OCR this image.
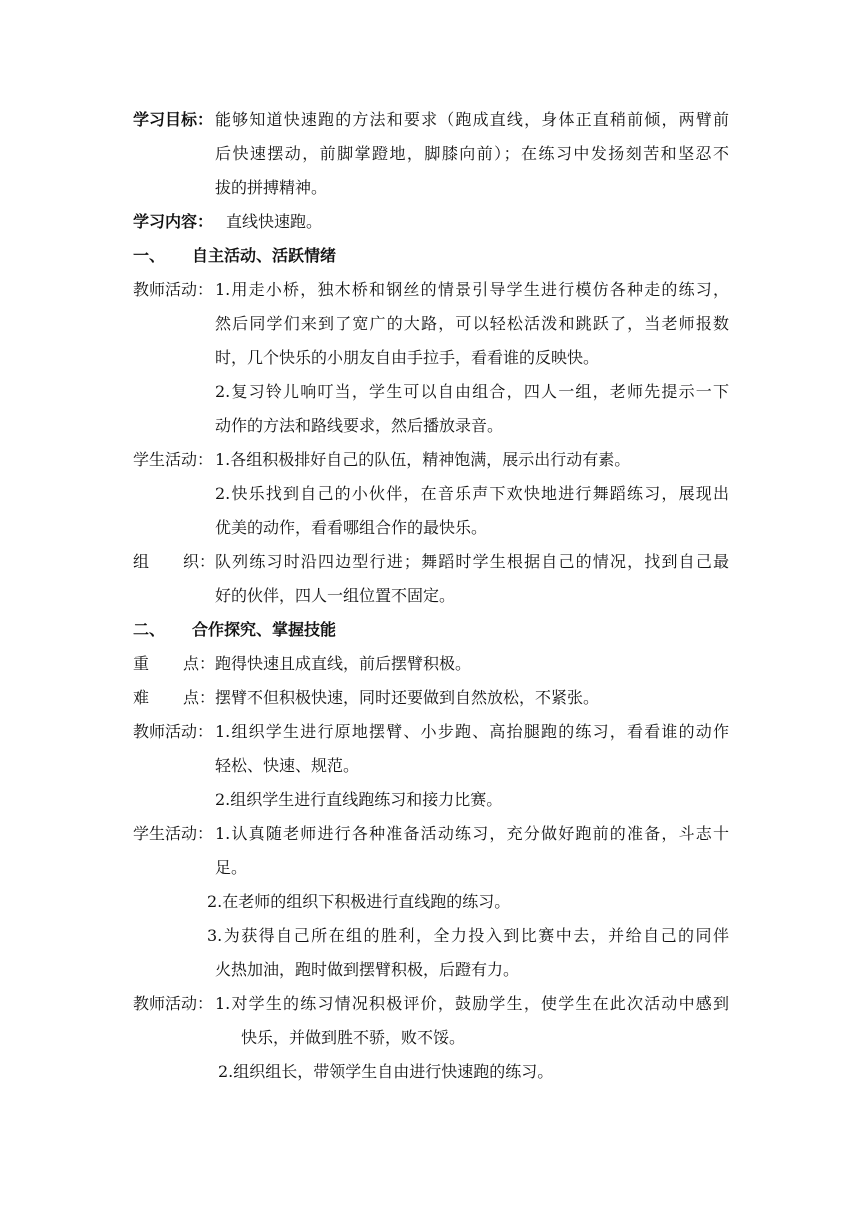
学习目标： 能够知道快速跑的方法和要求（跑成直线，身体正直稍前倾，两臂前
后快速摆动，前脚掌蹬地，脚膝向前）；在练习中发扬刻苦和坚忍不
拔的拼搏精神。
学习内容： 直线快速跑。
一、 自主活动、活跃情绪
教师活动： 1.用走小桥，独木桥和钢丝的情景引导学生进行模仿各种走的练习，
然后同学们来到了宽广的大路，可以轻松活泼和跳跃了，当老师报数
时，几个快乐的小朋友自由手拉手，看看谁的反映快。
2.复习铃儿响叮当，学生可以自由组合，四人一组，老师先提示一下
动作的方法和路线要求，然后播放录音。
学生活动： 1.各组积极排好自己的队伍，精神饱满，展示出行动有素。
2.快乐找到自己的小伙伴，在音乐声下欢快地进行舞蹈练习，展现出
优美的动作，看看哪组合作的最快乐。
组 织： 队列练习时沿四边型行进；舞蹈时学生根据自己的情况，找到自己最
好的伙伴，四人一组位置不固定。
二、 合作探究、掌握技能
重 点： 跑得快速且成直线，前后摆臂积极。
难 点： 摆臂不但积极快速，同时还要做到自然放松，不紧张。
教师活动： 1.组织学生进行原地摆臂、小步跑、高抬腿跑的练习，看看谁的动作
轻松、快速、规范。
2.组织学生进行直线跑练习和接力比赛。
学生活动： 1.认真随老师进行各种准备活动练习，充分做好跑前的准备，斗志十
足。
2.在老师的组织下积极进行直线跑的练习。
3.为获得自己所在组的胜利，全力投入到比赛中去，并给自己的同伴
火热加油，跑时做到摆臂积极，后蹬有力。
教师活动： 1.对学生的练习情况积极评价，鼓励学生，使学生在此次活动中感到
快乐，并做到胜不骄，败不馁。
2.组织组长，带领学生自由进行快速跑的练习。
